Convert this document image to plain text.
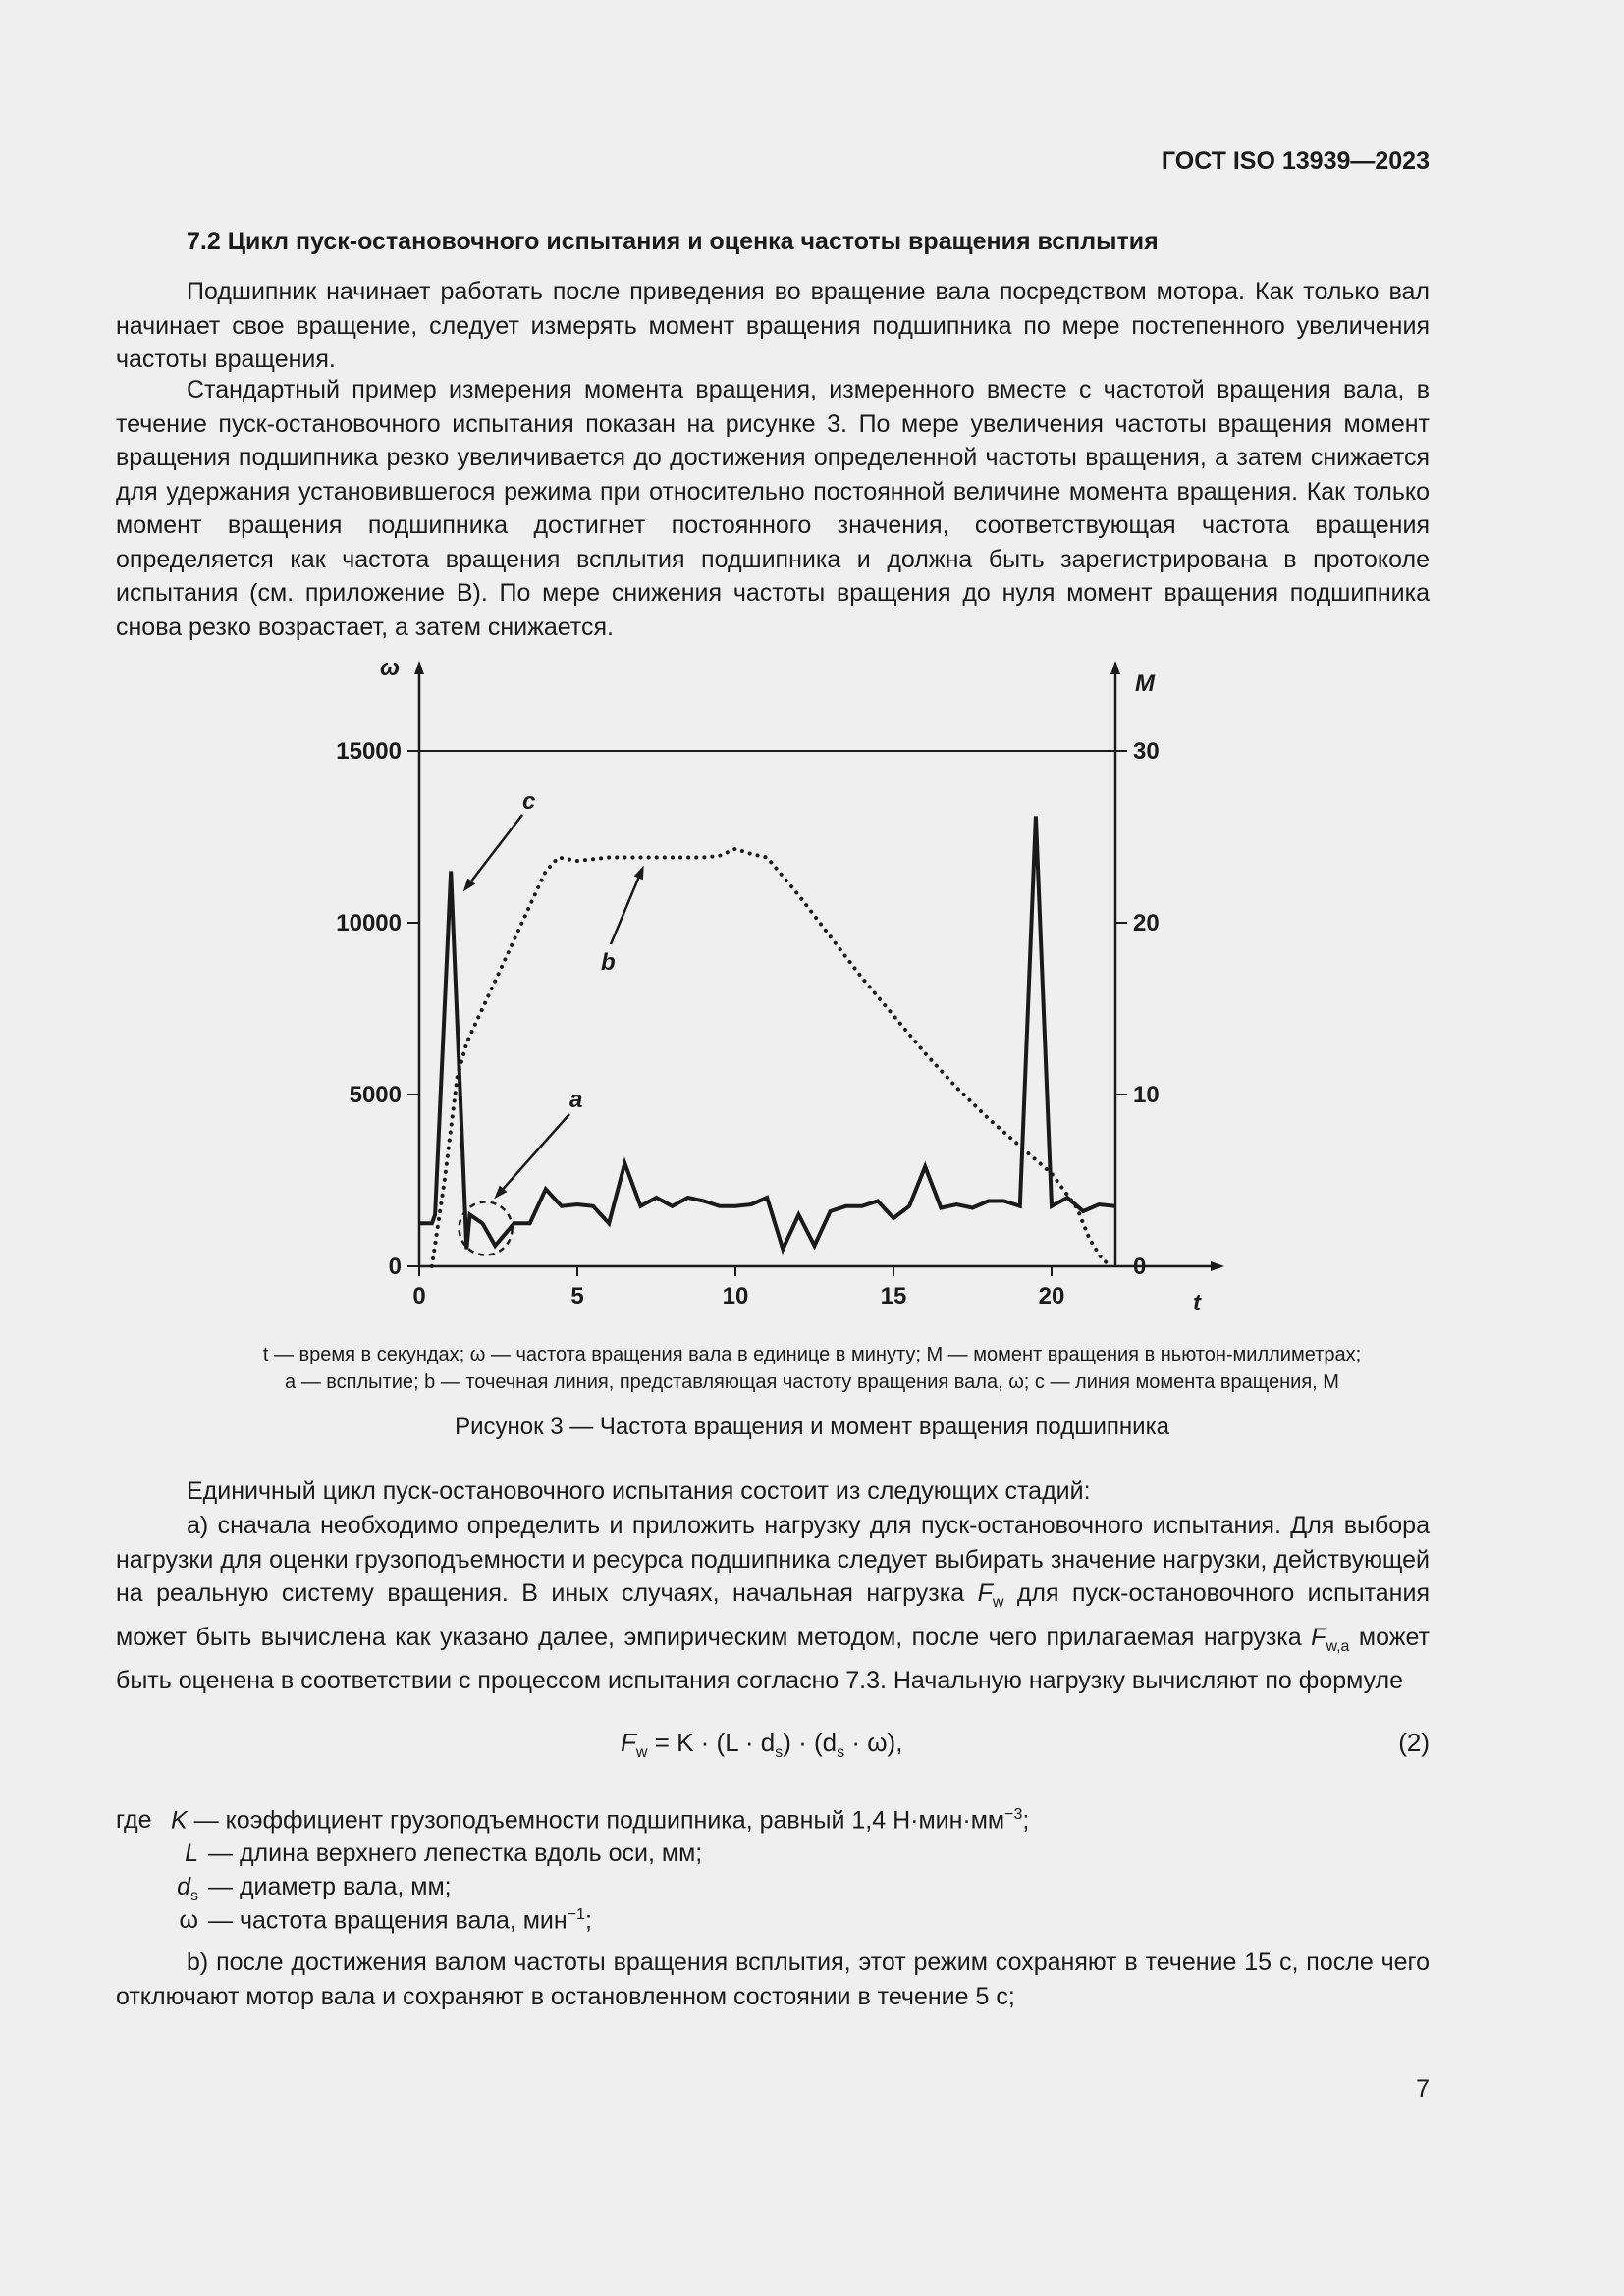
ГОСТ ISO 13939—2023
7.2 Цикл пуск-остановочного испытания и оценка частоты вращения всплытия

Подшипник начинает работать после приведения во вращение вала посредством мотора. Как только вал начинает свое вращение, следует измерять момент вращения подшипника по мере постепенного увеличения частоты вращения.

Стандартный пример измерения момента вращения, измеренного вместе с частотой вращения вала, в течение пуск-остановочного испытания показан на рисунке 3. По мере увеличения частоты вращения момент вращения подшипника резко увеличивается до достижения определенной частоты вращения, а затем снижается для удержания установившегося режима при относительно постоянной величине момента вращения. Как только момент вращения подшипника достигнет постоянного значения, соответствующая частота вращения определяется как частота вращения всплытия подшипника и должна быть зарегистрирована в протоколе испытания (см. приложение В). По мере снижения частоты вращения до нуля момент вращения подшипника снова резко возрастает, а затем снижается.

ω
M
t
0
5000
10000
15000
0
10
20
30
0	5	10	15	20
a
b
c
t — время в секундах; ω — частота вращения вала в единице в минуту; M — момент вращения в ньютон-миллиметрах;
a — всплытие; b — точечная линия, представляющая частоту вращения вала, ω; c — линия момента вращения, M
Рисунок 3 — Частота вращения и момент вращения подшипника

Единичный цикл пуск-остановочного испытания состоит из следующих стадий:

а) сначала необходимо определить и приложить нагрузку для пуск-остановочного испытания. Для выбора нагрузки для оценки грузоподъемности и ресурса подшипника следует выбирать значение нагрузки, действующей на реальную систему вращения. В иных случаях, начальная нагрузка $F_w$ для пуск-остановочного испытания может быть вычислена как указано далее, эмпирическим методом, после чего прилагаемая нагрузка $F_{w,a}$ может быть оценена в соответствии с процессом испытания согласно 7.3. Начальную нагрузку вычисляют по формуле

$F_w = K \cdot (L \cdot d_s) \cdot (d_s \cdot \omega)$,	(2)
где K — коэффициент грузоподъемности подшипника, равный 1,4 $Н\cdot мин\cdot мм^{-3}$;
L — длина верхнего лепестка вдоль оси, мм;
$d_s$ — диаметр вала, мм;
ω — частота вращения вала, мин$^{-1}$;

b) после достижения валом частоты вращения всплытия, этот режим сохраняют в течение 15 с, после чего отключают мотор вала и сохраняют в остановленном состоянии в течение 5 с;

7
